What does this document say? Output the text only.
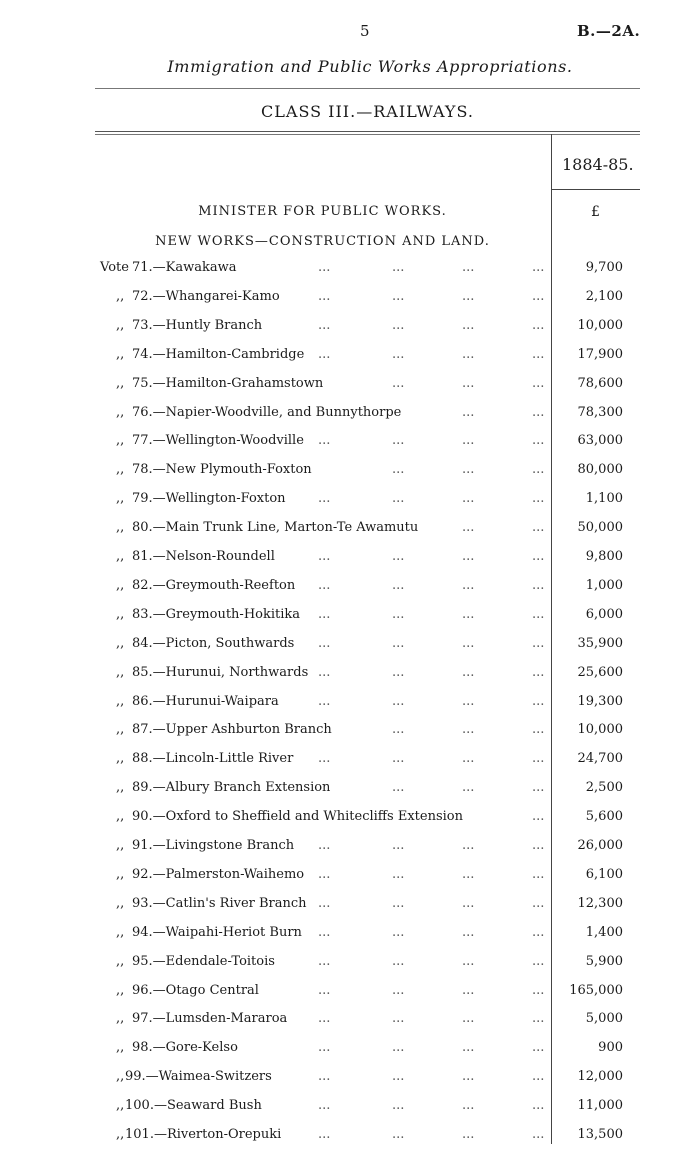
5	B.—2A.
Immigration and Public Works Appropriations.
CLASS III.—RAILWAYS.
1884-85.
MINISTER FOR PUBLIC WORKS.	£
NEW WORKS—CONSTRUCTION AND LAND.
Vote 71.—Kawakawa	...	...	...	...	9,700
,, 72.—Whangarei-Kamo	...	...	...	...	2,100
,, 73.—Huntly Branch	...	...	...	...	10,000
,, 74.—Hamilton-Cambridge ...	...	...	...	17,900
,, 75.—Hamilton-Grahamstown	...	...	...	78,600
,, 76.—Napier-Woodville, and Bunnythorpe	...	...	78,300
,, 77.—Wellington-Woodville ...	...	...	...	63,000
,, 78.—New Plymouth-Foxton	...	...	...	80,000
,, 79.—Wellington-Foxton ...	...	...	...	1,100
,, 80.—Main Trunk Line, Marton-Te Awamutu	...	...	50,000
,, 81.—Nelson-Roundell	...	...	...	...	9,800
,, 82.—Greymouth-Reefton ...	...	...	...	1,000
,, 83.—Greymouth-Hokitika ...	...	...	...	6,000
,, 84.—Picton, Southwards ...	...	...	...	35,900
,, 85.—Hurunui, Northwards ...	...	...	...	25,600
,, 86.—Hurunui-Waipara	...	...	...	...	19,300
,, 87.—Upper Ashburton Branch	...	...	...	10,000
,, 88.—Lincoln-Little River ...	...	...	...	24,700
,, 89.—Albury Branch Extension	...	...	...	2,500
,, 90.—Oxford to Sheffield and Whitecliffs Extension	...	5,600
,, 91.—Livingstone Branch ...	...	...	...	26,000
,, 92.—Palmerston-Waihemo ...	...	...	...	6,100
,, 93.—Catlin's River Branch ...	...	...	...	12,300
,, 94.—Waipahi-Heriot Burn ...	...	...	...	1,400
,, 95.—Edendale-Toitois	...	...	...	...	5,900
,, 96.—Otago Central	...	...	...	... 165,000
,, 97.—Lumsden-Mararoa ...	...	...	...	5,000
,, 98.—Gore-Kelso	...	...	...	...	900
,, 99.—Waimea-Switzers	...	...	...	...	12,000
,, 100.—Seaward Bush	...	...	...	...	11,000
,, 101.—Riverton-Orepuki	...	...	...	...	13,500
